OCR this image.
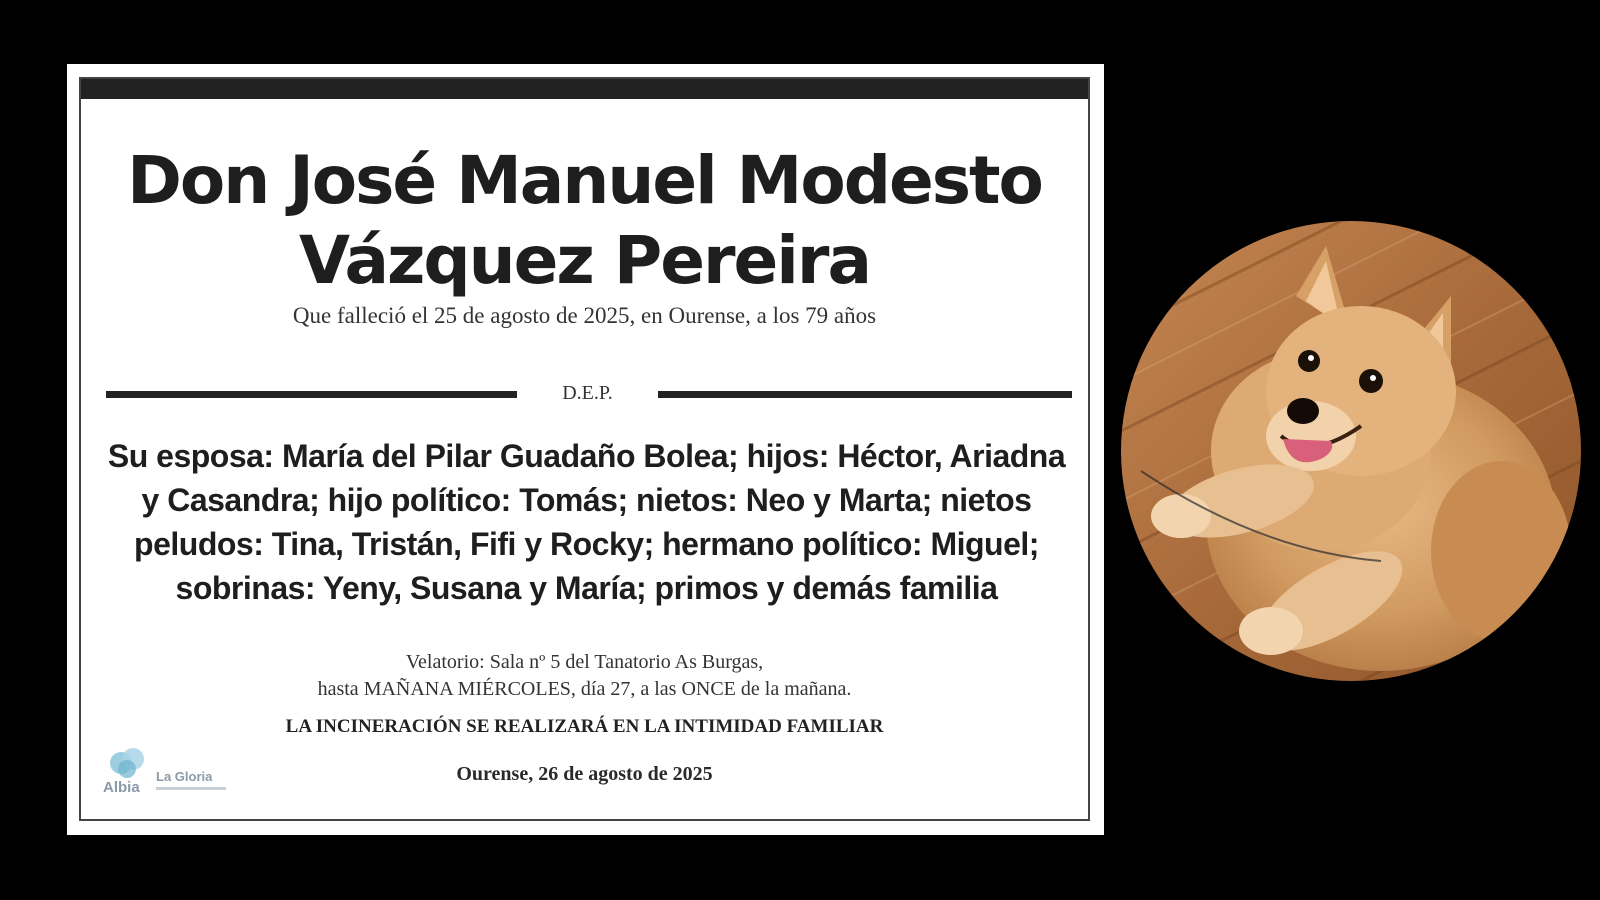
Don José Manuel Modesto Vázquez Pereira
Que falleció el 25 de agosto de 2025, en Ourense, a los 79 años
D.E.P.

Su esposa: María del Pilar Guadaño Bolea; hijos: Héctor, Ariadna y Casandra; hijo político: Tomás; nietos: Neo y Marta; nietos peludos: Tina, Tristán, Fifi y Rocky; hermano político: Miguel; sobrinas: Yeny, Susana y María; primos y demás familia

Velatorio: Sala nº 5 del Tanatorio As Burgas,
hasta MAÑANA MIÉRCOLES, día 27, a las ONCE de la mañana.
LA INCINERACIÓN SE REALIZARÁ EN LA INTIMIDAD FAMILIAR
Ourense, 26 de agosto de 2025
Albia
La Gloria
